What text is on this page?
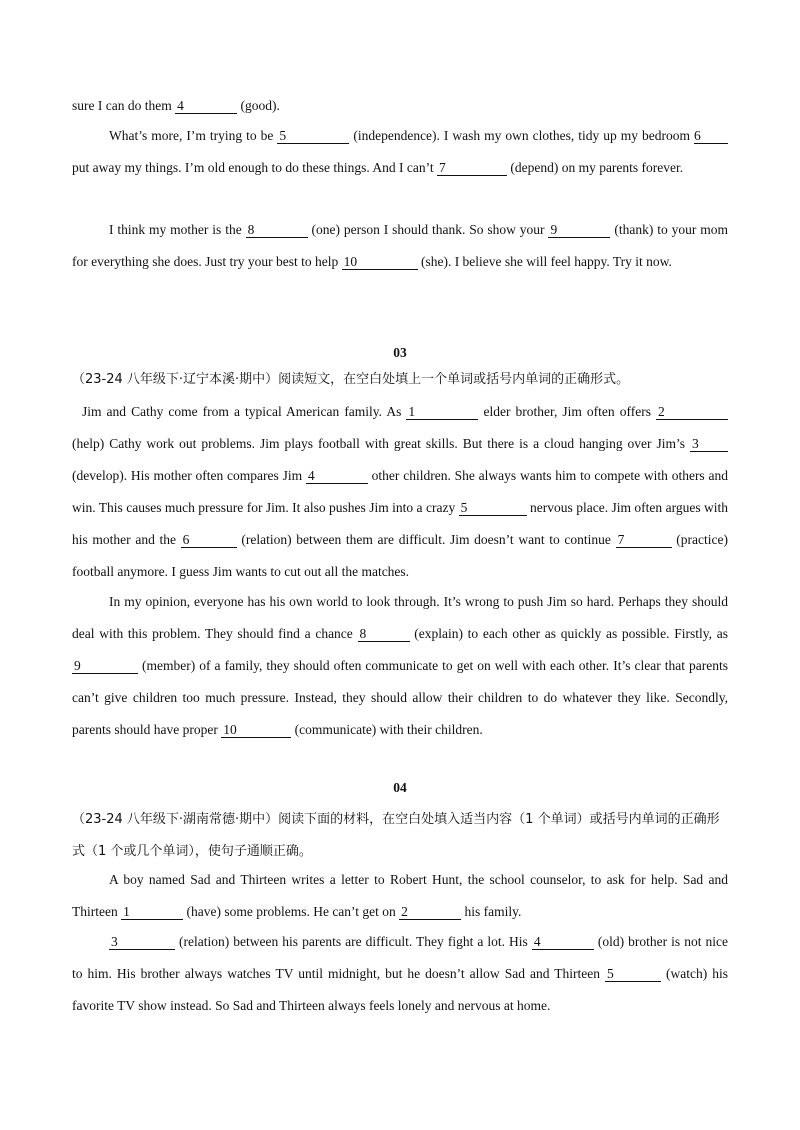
sure I can do them 4	(good).

What’s more, I’m trying to be 5	(independence). I wash my own clothes, tidy up my bedroom 6 put away my things. I’m old enough to do these things. And I can’t 7	(depend) on my parents forever.

I think my mother is the 8	(one) person I should thank. So show your 9	(thank) to your mom for everything she does. Just try your best to help 10	(she). I believe she will feel happy. Try it now.

03

（23-24 八年级下·辽宁本溪·期中）阅读短文，在空白处填上一个单词或括号内单词的正确形式。

Jim and Cathy come from a typical American family. As 1	elder brother, Jim often offers 2 (help) Cathy work out problems. Jim plays football with great skills. But there is a cloud hanging over Jim’s 3 (develop). His mother often compares Jim 4	other children. She always wants him to compete with others and win. This causes much pressure for Jim. It also pushes Jim into a crazy 5	nervous place. Jim often argues with his mother and the 6	(relation) between them are difficult. Jim doesn’t want to continue 7	(practice) football anymore. I guess Jim wants to cut out all the matches.

In my opinion, everyone has his own world to look through. It’s wrong to push Jim so hard. Perhaps they should deal with this problem. They should find a chance 8	(explain) to each other as quickly as possible. Firstly, as 9	(member) of a family, they should often communicate to get on well with each other. It’s clear that parents can’t give children too much pressure. Instead, they should allow their children to do whatever they like. Secondly, parents should have proper 10	(communicate) with their children.

04

（23-24 八年级下·湖南常德·期中）阅读下面的材料，在空白处填入适当内容（1 个单词）或括号内单词的正确形式（1 个或几个单词），使句子通顺正确。

A boy named Sad and Thirteen writes a letter to Robert Hunt, the school counselor, to ask for help. Sad and Thirteen 1	(have) some problems. He can’t get on 2	his family.

3	(relation) between his parents are difficult. They fight a lot. His 4	(old) brother is not nice to him. His brother always watches TV until midnight, but he doesn’t allow Sad and Thirteen 5	(watch) his favorite TV show instead. So Sad and Thirteen always feels lonely and nervous at home.
